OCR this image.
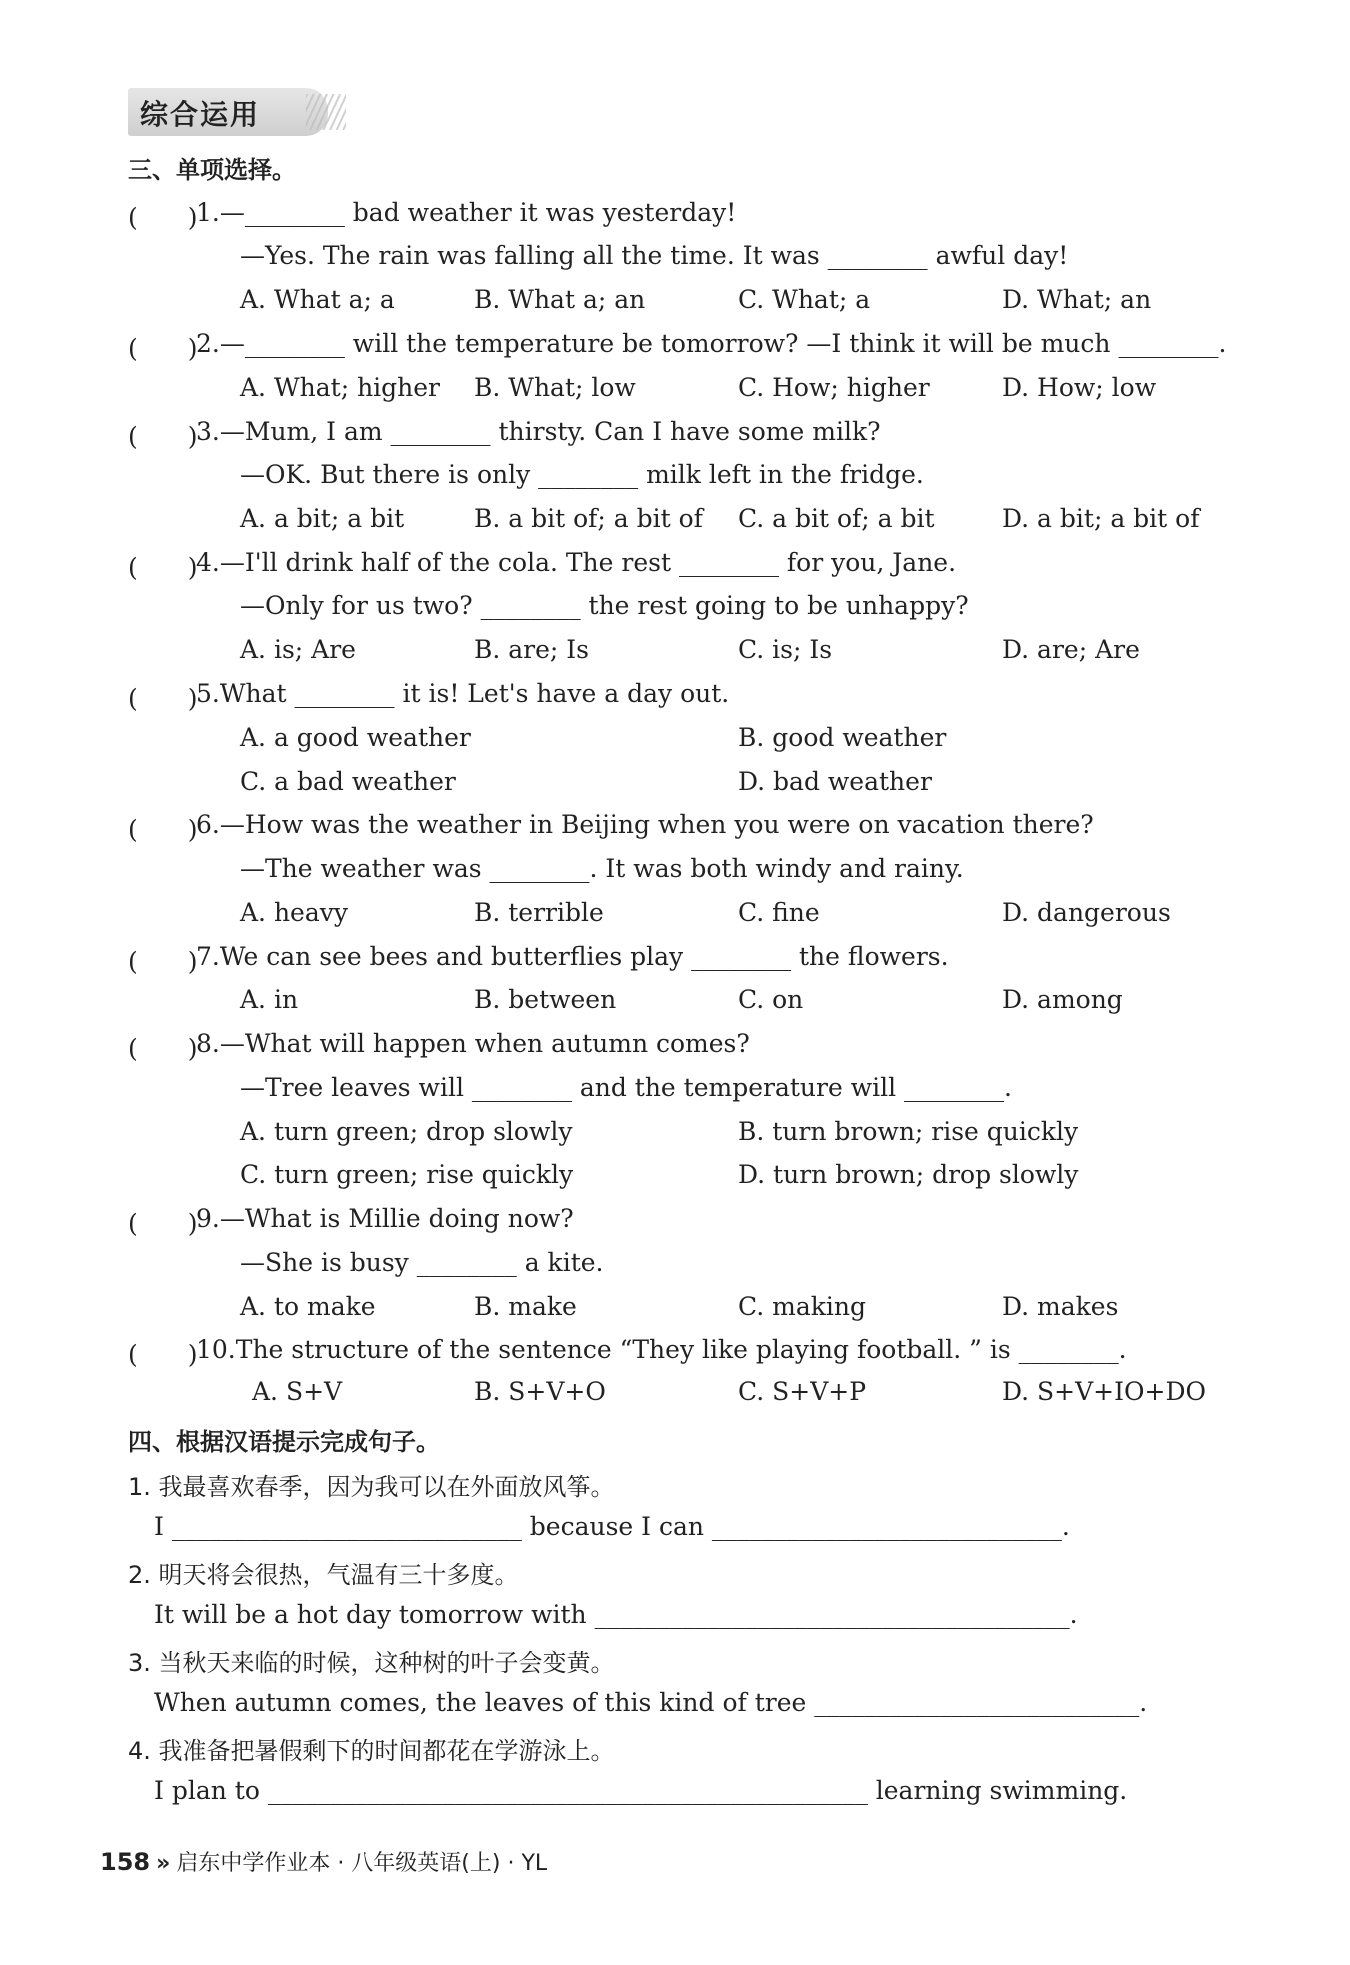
综合运用
三、单项选择。
(　　)
1.—________ bad weather it was yesterday!
—Yes. The rain was falling all the time. It was ________ awful day!
A. What a; a	B. What a; an	C. What; a	D. What; an
(　　)
2.—________ will the temperature be tomorrow? —I think it will be much ________.
A. What; higher B. What; low	C. How; higher	D. How; low
(　　)
3.—Mum, I am ________ thirsty. Can I have some milk?
—OK. But there is only ________ milk left in the fridge.
A. a bit; a bit	B. a bit of; a bit of C. a bit of; a bit	D. a bit; a bit of
(　　)
4.—I'll drink half of the cola. The rest ________ for you, Jane.
—Only for us two? ________ the rest going to be unhappy?
A. is; Are	B. are; Is	C. is; Is	D. are; Are
(　　)
5.What ________ it is! Let's have a day out.
A. a good weather	B. good weather
C. a bad weather	D. bad weather
(　　)
6.—How was the weather in Beijing when you were on vacation there?
—The weather was ________. It was both windy and rainy.
A. heavy	B. terrible	C. fine	D. dangerous
(　　)
7.We can see bees and butterflies play ________ the flowers.
A. in	B. between	C. on	D. among
(　　)
8.—What will happen when autumn comes?
—Tree leaves will ________ and the temperature will ________.
A. turn green; drop slowly	B. turn brown; rise quickly
C. turn green; rise quickly	D. turn brown; drop slowly
(　　)
9.—What is Millie doing now?
—She is busy ________ a kite.
A. to make	B. make	C. making	D. makes
(　　)
10.The structure of the sentence “They like playing football. ” is ________.
A. S+V	B. S+V+O	C. S+V+P	D. S+V+IO+DO
四、根据汉语提示完成句子。
1. 我最喜欢春季，因为我可以在外面放风筝。
I ____________________________ because I can ____________________________.
2. 明天将会很热，气温有三十多度。
It will be a hot day tomorrow with ______________________________________.
3. 当秋天来临的时候，这种树的叶子会变黄。
When autumn comes, the leaves of this kind of tree __________________________.
4. 我准备把暑假剩下的时间都花在学游泳上。
I plan to ________________________________________________ learning swimming.
158 » 启东中学作业本 · 八年级英语(上) · YL
